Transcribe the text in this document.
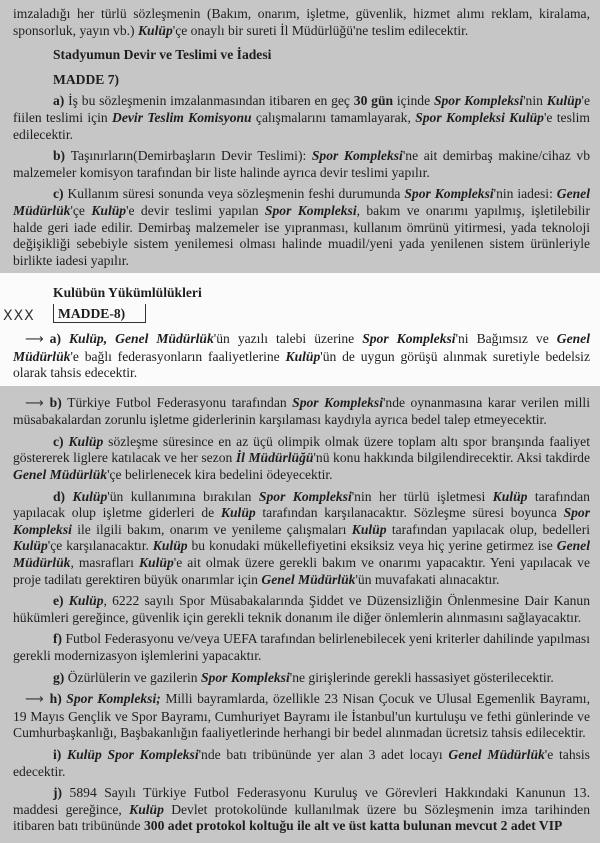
imzaladığı her türlü sözleşmenin (Bakım, onarım, işletme, güvenlik, hizmet alımı reklam, kiralama, sponsorluk, yayın vb.) Kulüp'çe onaylı bir sureti İl Müdürlüğü'ne teslim edilecektir.

Stadyumun Devir ve Teslimi ve İadesi

MADDE 7)

a) İş bu sözleşmenin imzalanmasından itibaren en geç 30 gün içinde Spor Kompleksi'nin Kulüp'e fiilen teslimi için Devir Teslim Komisyonu çalışmalarını tamamlayarak, Spor Kompleksi Kulüp'e teslim edilecektir.

b) Taşınırların(Demirbaşların Devir Teslimi): Spor Kompleksi'ne ait demirbaş makine/cihaz vb malzemeler komisyon tarafından bir liste halinde ayrıca devir teslimi yapılır.

c) Kullanım süresi sonunda veya sözleşmenin feshi durumunda Spor Kompleksi'nin iadesi: Genel Müdürlük'çe Kulüp'e devir teslimi yapılan Spor Kompleksi, bakım ve onarımı yapılmış, işletilebilir halde geri iade edilir. Demirbaş malzemeler ise yıpranması, kullanım ömrünü yitirmesi, yada teknoloji değişikliği sebebiyle sistem yenilemesi olması halinde muadil/yeni yada yenilenen sistem ürünleriyle birlikte iadesi yapılır.

Kulübün Yükümlülükleri

XXX MADDE-8)

⟶ a) Kulüp, Genel Müdürlük'ün yazılı talebi üzerine Spor Kompleksi'ni Bağımsız ve Genel Müdürlük'e bağlı federasyonların faaliyetlerine Kulüp'ün de uygun görüşü alınmak suretiyle bedelsiz olarak tahsis edecektir.

⟶ b) Türkiye Futbol Federasyonu tarafından Spor Kompleksi'nde oynanmasına karar verilen milli müsabakalardan zorunlu işletme giderlerinin karşılaması kaydıyla ayrıca bedel talep etmeyecektir.

c) Kulüp sözleşme süresince en az üçü olimpik olmak üzere toplam altı spor branşında faaliyet göstererek liglere katılacak ve her sezon İl Müdürlüğü'nü konu hakkında bilgilendirecektir. Aksi takdirde Genel Müdürlük'çe belirlenecek kira bedelini ödeyecektir.

d) Kulüp'ün kullanımına bırakılan Spor Kompleksi'nin her türlü işletmesi Kulüp tarafından yapılacak olup işletme giderleri de Kulüp tarafından karşılanacaktır. Sözleşme süresi boyunca Spor Kompleksi ile ilgili bakım, onarım ve yenileme çalışmaları Kulüp tarafından yapılacak olup, bedelleri Kulüp'çe karşılanacaktır. Kulüp bu konudaki mükellefiyetini eksiksiz veya hiç yerine getirmez ise Genel Müdürlük, masrafları Kulüp'e ait olmak üzere gerekli bakım ve onarımı yapacaktır. Yeni yapılacak ve proje tadilatı gerektiren büyük onarımlar için Genel Müdürlük'ün muvafakati alınacaktır.

e) Kulüp, 6222 sayılı Spor Müsabakalarında Şiddet ve Düzensizliğin Önlenmesine Dair Kanun hükümleri gereğince, güvenlik için gerekli teknik donanım ile diğer önlemlerin alınmasını sağlayacaktır.

f) Futbol Federasyonu ve/veya UEFA tarafından belirlenebilecek yeni kriterler dahilinde yapılması gerekli modernizasyon işlemlerini yapacaktır.

g) Özürlülerin ve gazilerin Spor Kompleksi'ne girişlerinde gerekli hassasiyet gösterilecektir.

⟶ h) Spor Kompleksi; Milli bayramlarda, özellikle 23 Nisan Çocuk ve Ulusal Egemenlik Bayramı, 19 Mayıs Gençlik ve Spor Bayramı, Cumhuriyet Bayramı ile İstanbul'un kurtuluşu ve fethi günlerinde ve Cumhurbaşkanlığı, Başbakanlığın faaliyetlerinde herhangi bir bedel alınmadan ücretsiz tahsis edilecektir.

i) Kulüp Spor Kompleksi'nde batı tribününde yer alan 3 adet locayı Genel Müdürlük'e tahsis edecektir.

j) 5894 Sayılı Türkiye Futbol Federasyonu Kuruluş ve Görevleri Hakkındaki Kanunun 13. maddesi gereğince, Kulüp Devlet protokolünde kullanılmak üzere bu Sözleşmenin imza tarihinden itibaren batı tribününde 300 adet protokol koltuğu ile alt ve üst katta bulunan mevcut 2 adet VIP
